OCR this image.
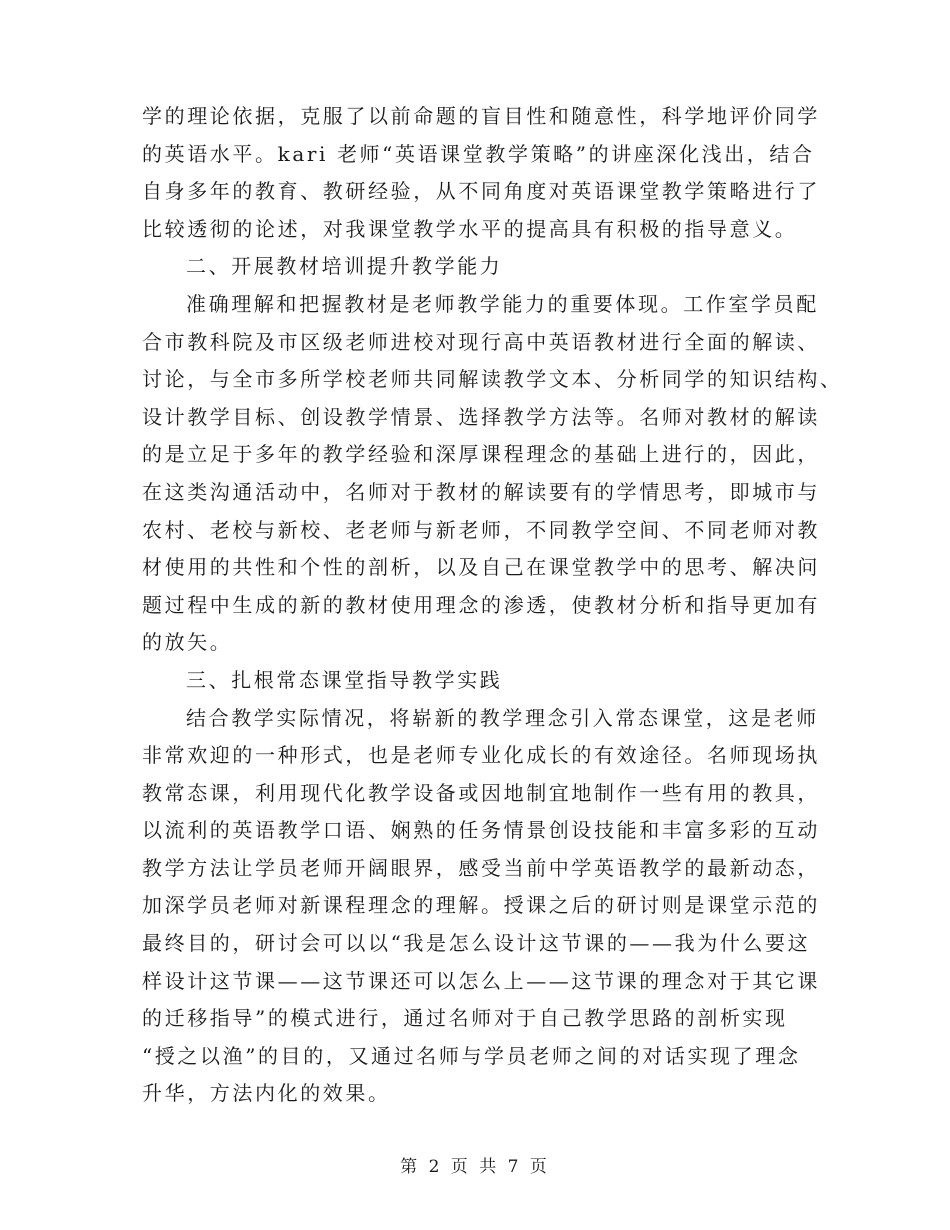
学的理论依据，克服了以前命题的盲目性和随意性，科学地评价同学
的英语水平。kari 老师“英语课堂教学策略”的讲座深化浅出，结合
自身多年的教育、教研经验，从不同角度对英语课堂教学策略进行了
比较透彻的论述，对我课堂教学水平的提高具有积极的指导意义。
二、开展教材培训提升教学能力
准确理解和把握教材是老师教学能力的重要体现。工作室学员配
合市教科院及市区级老师进校对现行高中英语教材进行全面的解读、
讨论，与全市多所学校老师共同解读教学文本、分析同学的知识结构、
设计教学目标、创设教学情景、选择教学方法等。名师对教材的解读
的是立足于多年的教学经验和深厚课程理念的基础上进行的，因此，
在这类沟通活动中，名师对于教材的解读要有的学情思考，即城市与
农村、老校与新校、老老师与新老师，不同教学空间、不同老师对教
材使用的共性和个性的剖析，以及自己在课堂教学中的思考、解决问
题过程中生成的新的教材使用理念的渗透，使教材分析和指导更加有
的放矢。
三、扎根常态课堂指导教学实践
结合教学实际情况，将崭新的教学理念引入常态课堂，这是老师
非常欢迎的一种形式，也是老师专业化成长的有效途径。名师现场执
教常态课，利用现代化教学设备或因地制宜地制作一些有用的教具，
以流利的英语教学口语、娴熟的任务情景创设技能和丰富多彩的互动
教学方法让学员老师开阔眼界，感受当前中学英语教学的最新动态，
加深学员老师对新课程理念的理解。授课之后的研讨则是课堂示范的
最终目的，研讨会可以以“我是怎么设计这节课的——我为什么要这
样设计这节课——这节课还可以怎么上——这节课的理念对于其它课
的迁移指导”的模式进行，通过名师对于自己教学思路的剖析实现
“授之以渔”的目的，又通过名师与学员老师之间的对话实现了理念
升华，方法内化的效果。
第 2 页 共 7 页
